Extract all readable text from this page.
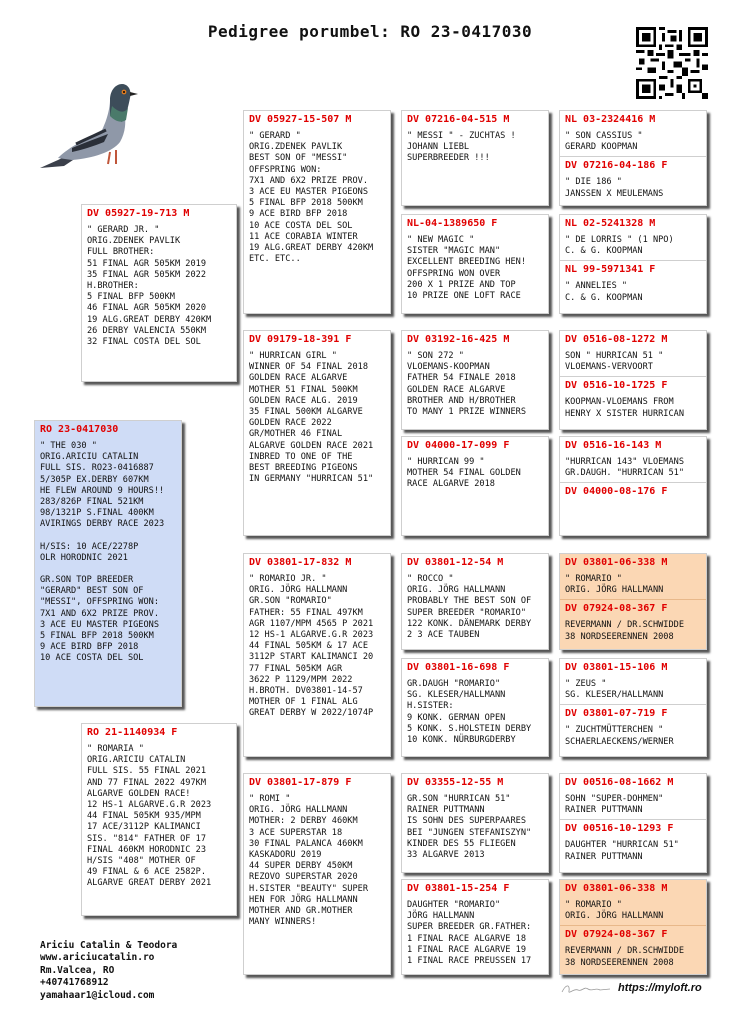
Pedigree porumbel: RO 23-0417030
RO 23-0417030
" THE 030 "
ORIG.ARICIU CATALIN
FULL SIS. RO23-0416887
5/305P EX.DERBY 607KM
HE FLEW AROUND 9 HOURS!!
283/826P FINAL 521KM
98/1321P S.FINAL 400KM
AVIRINGS DERBY RACE 2023
H/SIS: 10 ACE/2278P
OLR HORODNIC 2021
GR.SON TOP BREEDER
"GERARD" BEST SON OF
"MESSI", OFFSPRING WON:
7X1 AND 6X2 PRIZE PROV.
3 ACE EU MASTER PIGEONS
5 FINAL BFP 2018 500KM
9 ACE BIRD BFP 2018
10 ACE COSTA DEL SOL
DV 05927-19-713 M
" GERARD JR. "
ORIG.ZDENEK PAVLIK
FULL BROTHER:
51 FINAL AGR 505KM 2019
35 FINAL AGR 505KM 2022
H.BROTHER:
5 FINAL BFP 500KM
46 FINAL AGR 505KM 2020
19 ALG.GREAT DERBY 420KM
26 DERBY VALENCIA 550KM
32 FINAL COSTA DEL SOL
RO 21-1140934 F
" ROMARIA "
ORIG.ARICIU CATALIN
FULL SIS. 55 FINAL 2021
AND 77 FINAL 2022 497KM
ALGARVE GOLDEN RACE!
12 HS-1 ALGARVE.G.R 2023
44 FINAL 505KM 935/MPM
17 ACE/3112P KALIMANCI
SIS. "814" FATHER OF 17
FINAL 460KM HORODNIC 23
H/SIS "408" MOTHER OF
49 FINAL & 6 ACE 2582P.
ALGARVE GREAT DERBY 2021
DV 05927-15-507 M
" GERARD "
ORIG.ZDENEK PAVLIK
BEST SON OF "MESSI"
OFFSPRING WON:
7X1 AND 6X2 PRIZE PROV.
3 ACE EU MASTER PIGEONS
5 FINAL BFP 2018 500KM
9 ACE BIRD BFP 2018
10 ACE COSTA DEL SOL
11 ACE CORABIA WINTER
19 ALG.GREAT DERBY 420KM
ETC. ETC..
DV 09179-18-391 F
" HURRICAN GIRL "
WINNER OF 54 FINAL 2018
GOLDEN RACE ALGARVE
MOTHER 51 FINAL 500KM
GOLDEN RACE ALG. 2019
35 FINAL 500KM ALGARVE
GOLDEN RACE 2022
GR/MOTHER 46 FINAL
ALGARVE GOLDEN RACE 2021
INBRED TO ONE OF THE
BEST BREEDING PIGEONS
IN GERMANY "HURRICAN 51"
DV 03801-17-832 M
" ROMARIO JR. "
ORIG. JÖRG HALLMANN
GR.SON "ROMARIO"
FATHER: 55 FINAL 497KM
AGR 1107/MPM 4565 P 2021
12 HS-1 ALGARVE.G.R 2023
44 FINAL 505KM & 17 ACE
3112P START KALIMANCI 20
77 FINAL 505KM AGR
3622 P 1129/MPM 2022
H.BROTH. DV03801-14-57
MOTHER OF 1 FINAL ALG
GREAT DERBY W 2022/1074P
DV 03801-17-879 F
" ROMI "
ORIG. JÖRG HALLMANN
MOTHER: 2 DERBY 460KM
3 ACE SUPERSTAR 18
30 FINAL PALANCA 460KM
KASKADORU 2019
44 SUPER DERBY 450KM
REZOVO SUPERSTAR 2020
H.SISTER "BEAUTY" SUPER
HEN FOR JÖRG HALLMANN
MOTHER AND GR.MOTHER
MANY WINNERS!
DV 07216-04-515 M
" MESSI " - ZUCHTAS !
JOHANN LIEBL
SUPERBREEDER !!!
NL-04-1389650 F
" NEW MAGIC "
SISTER "MAGIC MAN"
EXCELLENT BREEDING HEN!
OFFSPRING WON OVER
200 X 1 PRIZE AND TOP
10 PRIZE ONE LOFT RACE
DV 03192-16-425 M
" SON 272 "
VLOEMANS-KOOPMAN
FATHER 54 FINALE 2018
GOLDEN RACE ALGARVE
BROTHER AND H/BROTHER
TO MANY 1 PRIZE WINNERS
DV 04000-17-099 F
" HURRICAN 99 "
MOTHER 54 FINAL GOLDEN
RACE ALGARVE 2018
DV 03801-12-54 M
" ROCCO "
ORIG. JÖRG HALLMANN
PROBABLY THE BEST SON OF
SUPER BREEDER "ROMARIO"
122 KONK. DÄNEMARK DERBY
2 3 ACE TAUBEN
DV 03801-16-698 F
GR.DAUGH "ROMARIO"
SG. KLESER/HALLMANN
H.SISTER:
9 KONK. GERMAN OPEN
5 KONK. S.HOLSTEIN DERBY
10 KONK. NÜRBURGDERBY
DV 03355-12-55 M
GR.SON "HURRICAN 51"
RAINER PUTTMANN
IS SOHN DES SUPERPAARES
BEI "JUNGEN STEFANISZYN"
KINDER DES 55 FLIEGEN
33 ALGARVE 2013
DV 03801-15-254 F
DAUGHTER "ROMARIO"
JÖRG HALLMANN
SUPER BREEDER GR.FATHER:
1 FINAL RACE ALGARVE 18
1 FINAL RACE ALGARVE 19
1 FINAL RACE PREUSSEN 17
NL 03-2324416 M
" SON CASSIUS "
GERARD KOOPMAN
DV 07216-04-186 F
" DIE 186 "
JANSSEN X MEULEMANS
NL 02-5241328 M
" DE LORRIS " (1 NPO)
C. & G. KOOPMAN
NL 99-5971341 F
" ANNELIES "
C. & G. KOOPMAN
DV 0516-08-1272 M
SON " HURRICAN 51 "
VLOEMANS-VERVOORT
DV 0516-10-1725 F
KOOPMAN-VLOEMANS FROM
HENRY X SISTER HURRICAN
DV 0516-16-143 M
"HURRICAN 143" VLOEMANS
GR.DAUGH. "HURRICAN 51"
DV 04000-08-176 F
DV 03801-06-338 M
" ROMARIO "
ORIG. JÖRG HALLMANN
DV 07924-08-367 F
REVERMANN / DR.SCHWIDDE
38 NORDSEERENNEN 2008
DV 03801-15-106 M
" ZEUS "
SG. KLESER/HALLMANN
DV 03801-07-719 F
" ZUCHTMÜTTERCHEN "
SCHAERLAECKENS/WERNER
DV 00516-08-1662 M
SOHN "SUPER-DOHMEN"
RAINER PUTTMANN
DV 00516-10-1293 F
DAUGHTER "HURRICAN 51"
RAINER PUTTMANN
DV 03801-06-338 M
" ROMARIO "
ORIG. JÖRG HALLMANN
DV 07924-08-367 F
REVERMANN / DR.SCHWIDDE
38 NORDSEERENNEN 2008
Ariciu Catalin & Teodora
www.ariciucatalin.ro
Rm.Valcea, RO
+40741768912
yamahaar1@icloud.com
https://myloft.ro
